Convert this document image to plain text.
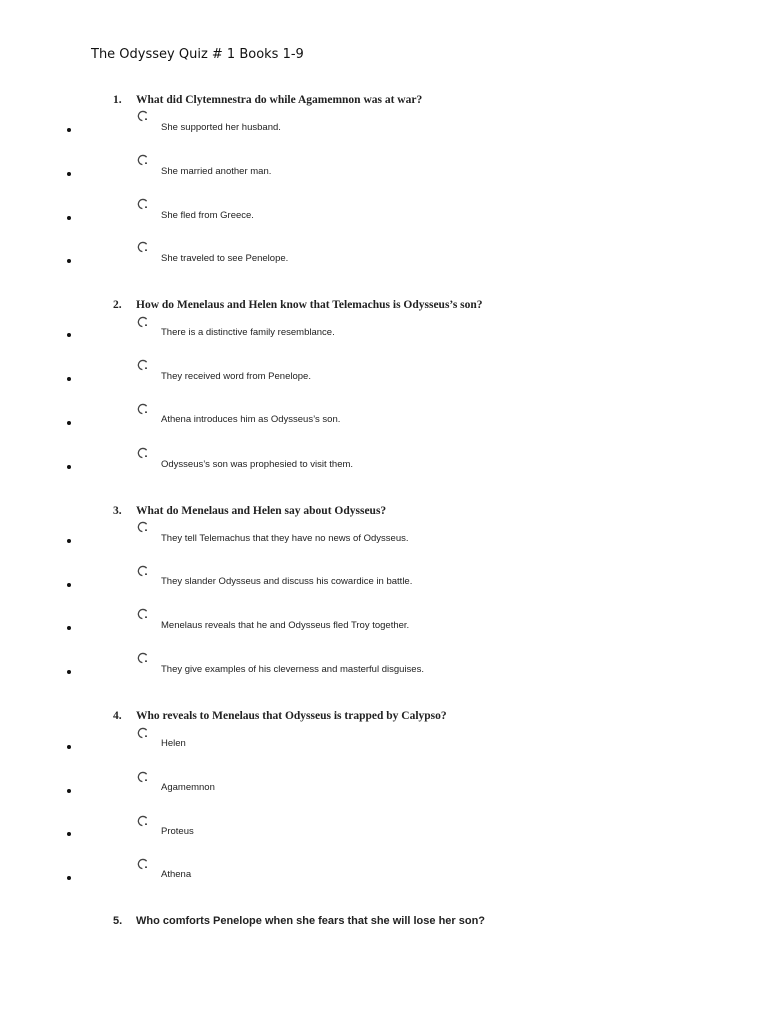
The Odyssey Quiz # 1 Books 1-9
1. What did Clytemnestra do while Agamemnon was at war?
She supported her husband.
She married another man.
She fled from Greece.
She traveled to see Penelope.
2. How do Menelaus and Helen know that Telemachus is Odysseus’s son?
There is a distinctive family resemblance.
They received word from Penelope.
Athena introduces him as Odysseus’s son.
Odysseus’s son was prophesied to visit them.
3. What do Menelaus and Helen say about Odysseus?
They tell Telemachus that they have no news of Odysseus.
They slander Odysseus and discuss his cowardice in battle.
Menelaus reveals that he and Odysseus fled Troy together.
They give examples of his cleverness and masterful disguises.
4. Who reveals to Menelaus that Odysseus is trapped by Calypso?
Helen
Agamemnon
Proteus
Athena
5. Who comforts Penelope when she fears that she will lose her son?
